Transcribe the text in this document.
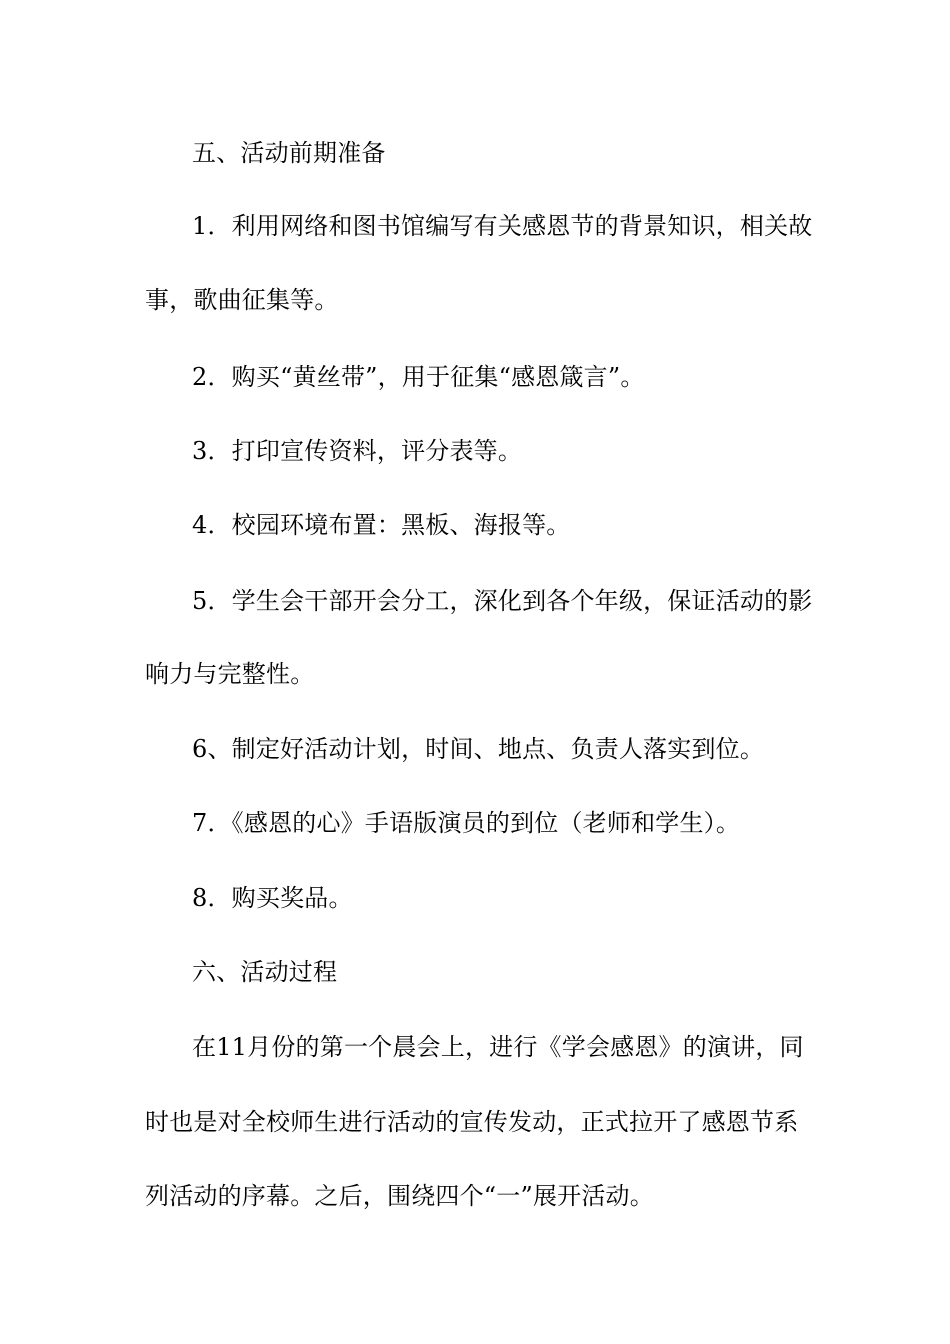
五、活动前期准备
1．利用网络和图书馆编写有关感恩节的背景知识，相关故
事，歌曲征集等。
2．购买“黄丝带”，用于征集“感恩箴言”。
3．打印宣传资料，评分表等。
4．校园环境布置：黑板、海报等。
5．学生会干部开会分工，深化到各个年级，保证活动的影
响力与完整性。
6、制定好活动计划，时间、地点、负责人落实到位。
7．《感恩的心》手语版演员的到位（老师和学生）。
8．购买奖品。
六、活动过程
在11月份的第一个晨会上，进行《学会感恩》的演讲，同
时也是对全校师生进行活动的宣传发动，正式拉开了感恩节系
列活动的序幕。之后，围绕四个“一”展开活动。
